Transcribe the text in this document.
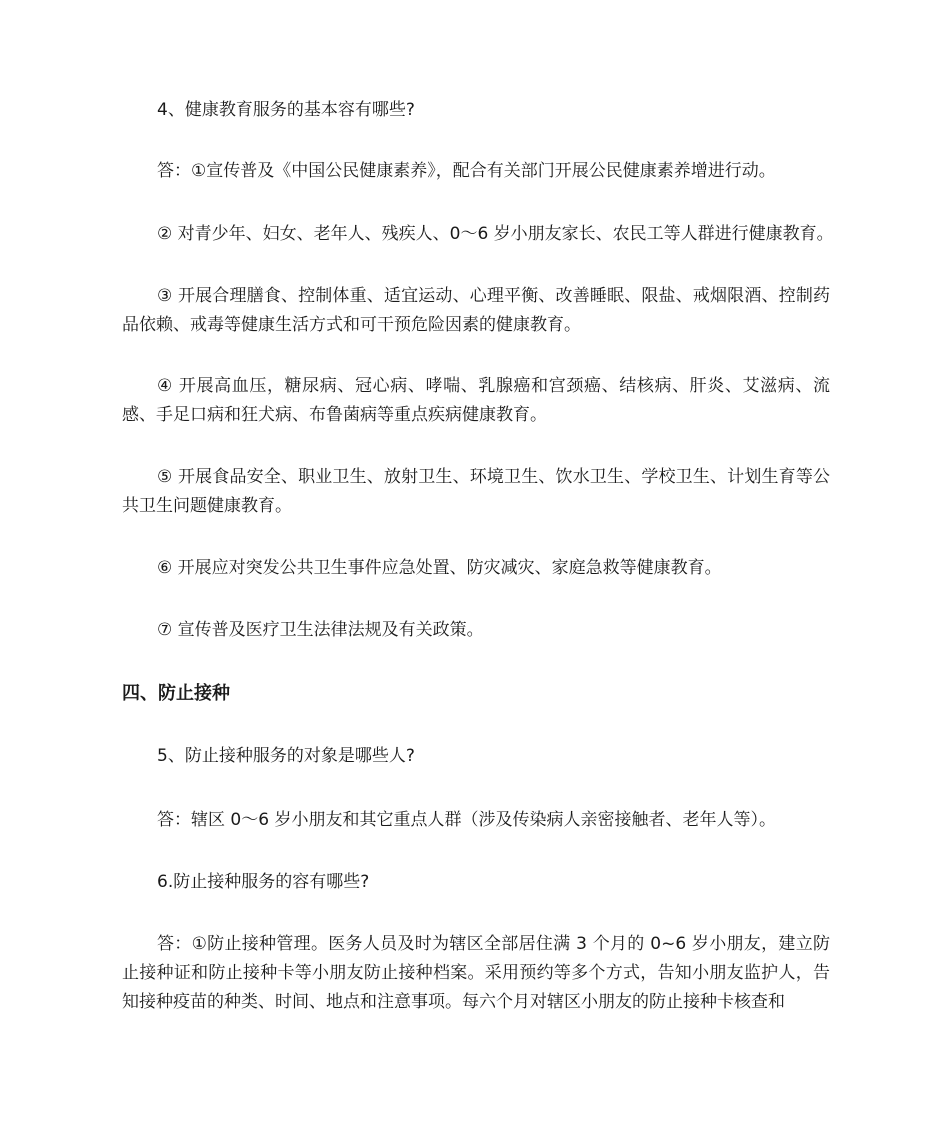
4、健康教育服务的基本容有哪些?

答：①宣传普及《中国公民健康素养》，配合有关部门开展公民健康素养增进行动。

② 对青少年、妇女、老年人、残疾人、0～6 岁小朋友家长、农民工等人群进行健康教育。

③ 开展合理膳食、控制体重、适宜运动、心理平衡、改善睡眠、限盐、戒烟限酒、控制药品依赖、戒毒等健康生活方式和可干预危险因素的健康教育。

④ 开展高血压，糖尿病、冠心病、哮喘、乳腺癌和宫颈癌、结核病、肝炎、艾滋病、流感、手足口病和狂犬病、布鲁菌病等重点疾病健康教育。

⑤ 开展食品安全、职业卫生、放射卫生、环境卫生、饮水卫生、学校卫生、计划生育等公共卫生问题健康教育。

⑥ 开展应对突发公共卫生事件应急处置、防灾减灾、家庭急救等健康教育。

⑦ 宣传普及医疗卫生法律法规及有关政策。

四、防止接种

5、防止接种服务的对象是哪些人?

答：辖区 0～6 岁小朋友和其它重点人群（涉及传染病人亲密接触者、老年人等）。

6.防止接种服务的容有哪些?

答：①防止接种管理。医务人员及时为辖区全部居住满 3 个月的 0~6 岁小朋友，建立防止接种证和防止接种卡等小朋友防止接种档案。采用预约等多个方式，告知小朋友监护人，告知接种疫苗的种类、时间、地点和注意事项。每六个月对辖区小朋友的防止接种卡核查和
